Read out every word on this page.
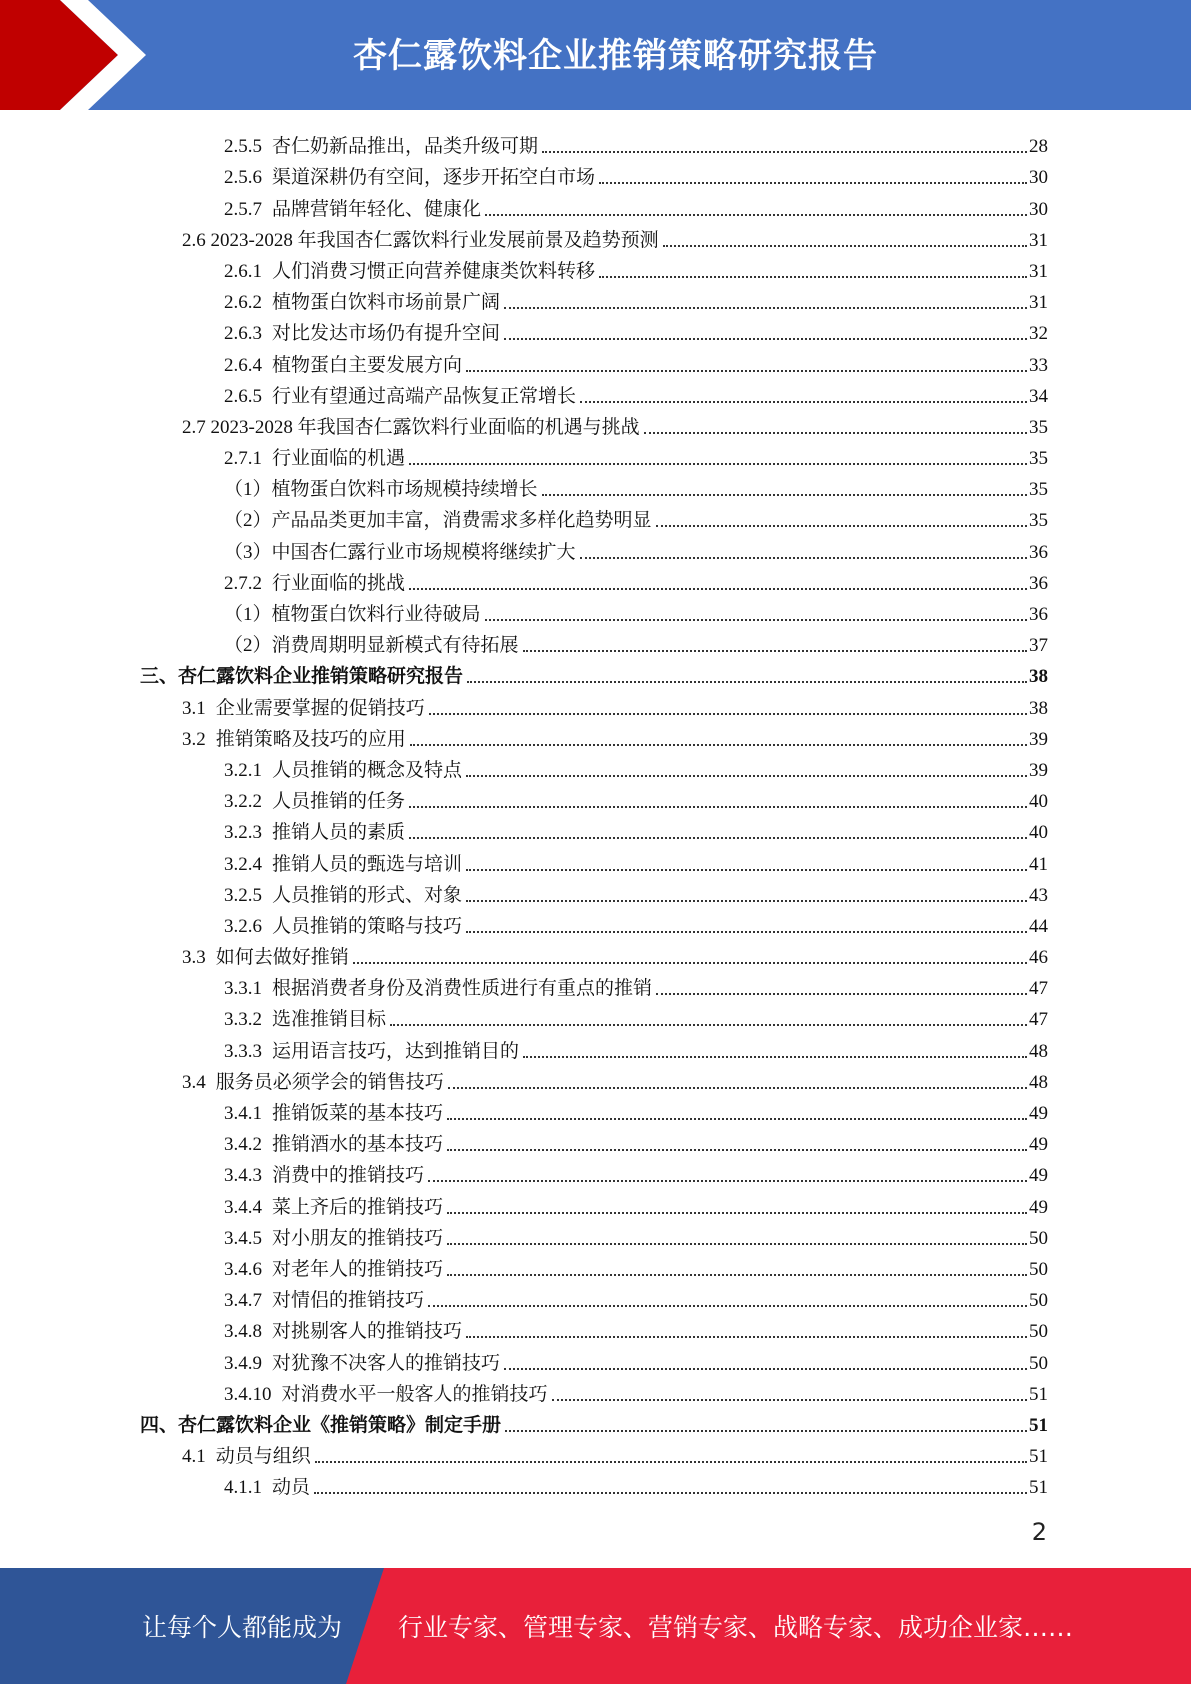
杏仁露饮料企业推销策略研究报告
2.5.5 杏仁奶新品推出，品类升级可期	28
2.5.6 渠道深耕仍有空间，逐步开拓空白市场	30
2.5.7 品牌营销年轻化、健康化	30
2.6 2023-2028 年我国杏仁露饮料行业发展前景及趋势预测	31
2.6.1 人们消费习惯正向营养健康类饮料转移	31
2.6.2 植物蛋白饮料市场前景广阔	31
2.6.3 对比发达市场仍有提升空间	32
2.6.4 植物蛋白主要发展方向	33
2.6.5 行业有望通过高端产品恢复正常增长	34
2.7 2023-2028 年我国杏仁露饮料行业面临的机遇与挑战	35
2.7.1 行业面临的机遇	35
（1）植物蛋白饮料市场规模持续增长	35
（2）产品品类更加丰富，消费需求多样化趋势明显	35
（3）中国杏仁露行业市场规模将继续扩大	36
2.7.2 行业面临的挑战	36
（1）植物蛋白饮料行业待破局	36
（2）消费周期明显新模式有待拓展	37
三、杏仁露饮料企业推销策略研究报告	38
3.1 企业需要掌握的促销技巧	38
3.2 推销策略及技巧的应用	39
3.2.1 人员推销的概念及特点	39
3.2.2 人员推销的任务	40
3.2.3 推销人员的素质	40
3.2.4 推销人员的甄选与培训	41
3.2.5 人员推销的形式、对象	43
3.2.6 人员推销的策略与技巧	44
3.3 如何去做好推销	46
3.3.1 根据消费者身份及消费性质进行有重点的推销	47
3.3.2 选准推销目标	47
3.3.3 运用语言技巧，达到推销目的	48
3.4 服务员必须学会的销售技巧	48
3.4.1 推销饭菜的基本技巧	49
3.4.2 推销酒水的基本技巧	49
3.4.3 消费中的推销技巧	49
3.4.4 菜上齐后的推销技巧	49
3.4.5 对小朋友的推销技巧	50
3.4.6 对老年人的推销技巧	50
3.4.7 对情侣的推销技巧	50
3.4.8 对挑剔客人的推销技巧	50
3.4.9 对犹豫不决客人的推销技巧	50
3.4.10 对消费水平一般客人的推销技巧	51
四、杏仁露饮料企业《推销策略》制定手册	51
4.1 动员与组织	51
4.1.1 动员	51
2
让每个人都能成为 行业专家、管理专家、营销专家、战略专家、成功企业家……
